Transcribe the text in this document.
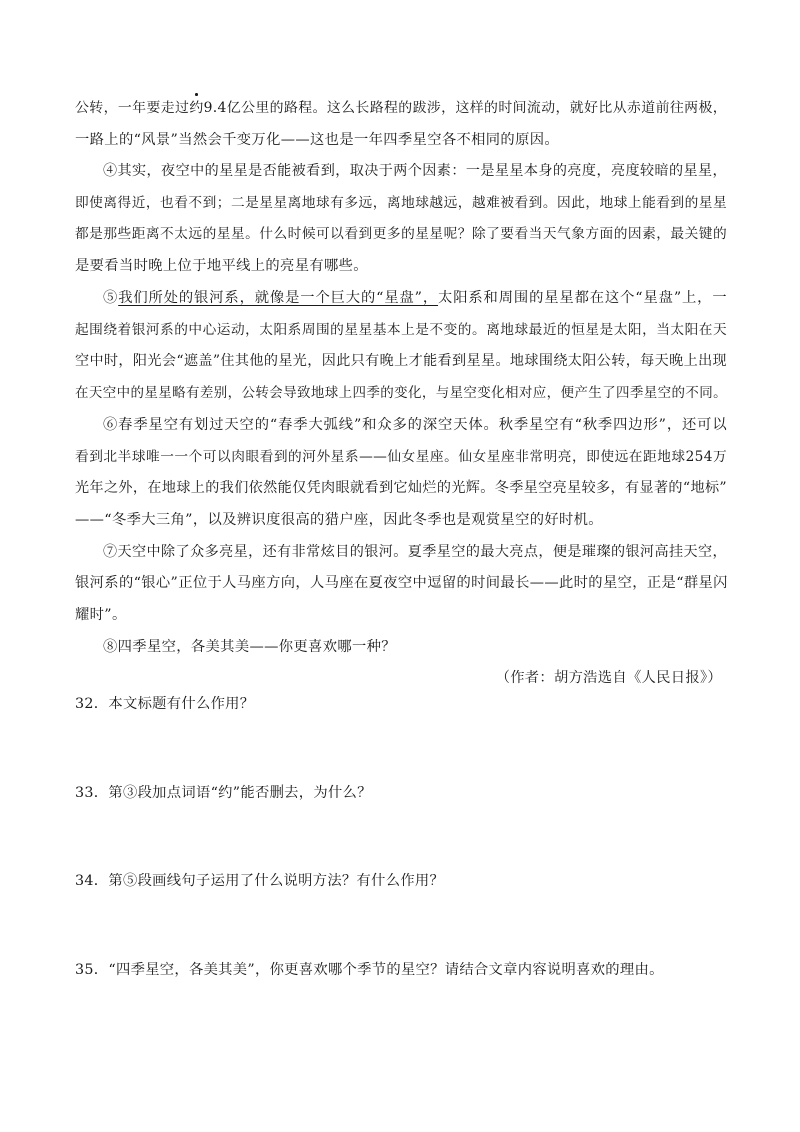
公转，一年要走过约9.4亿公里的路程。这么长路程的跋涉，这样的时间流动，就好比从赤道前往两极，
一路上的“风景”当然会千变万化——这也是一年四季星空各不相同的原因。
④其实，夜空中的星星是否能被看到，取决于两个因素：一是星星本身的亮度，亮度较暗的星星，
即使离得近，也看不到；二是星星离地球有多远，离地球越远，越难被看到。因此，地球上能看到的星星
都是那些距离不太远的星星。什么时候可以看到更多的星星呢？除了要看当天气象方面的因素，最关键的
是要看当时晚上位于地平线上的亮星有哪些。
⑤我们所处的银河系，就像是一个巨大的“星盘”，太阳系和周围的星星都在这个“星盘”上，一
起围绕着银河系的中心运动，太阳系周围的星星基本上是不变的。离地球最近的恒星是太阳，当太阳在天
空中时，阳光会“遮盖”住其他的星光，因此只有晚上才能看到星星。地球围绕太阳公转，每天晚上出现
在天空中的星星略有差别，公转会导致地球上四季的变化，与星空变化相对应，便产生了四季星空的不同。
⑥春季星空有划过天空的“春季大弧线”和众多的深空天体。秋季星空有“秋季四边形”，还可以
看到北半球唯一一个可以肉眼看到的河外星系——仙女星座。仙女星座非常明亮，即使远在距地球254万
光年之外，在地球上的我们依然能仅凭肉眼就看到它灿烂的光辉。冬季星空亮星较多，有显著的“地标”
——“冬季大三角”，以及辨识度很高的猎户座，因此冬季也是观赏星空的好时机。
⑦天空中除了众多亮星，还有非常炫目的银河。夏季星空的最大亮点，便是璀璨的银河高挂天空，
银河系的“银心”正位于人马座方向，人马座在夏夜空中逗留的时间最长——此时的星空，正是“群星闪
耀时”。
⑧四季星空，各美其美——你更喜欢哪一种？
（作者：胡方浩选自《人民日报》）
32．本文标题有什么作用？
33．第③段加点词语“约”能否删去，为什么？
34．第⑤段画线句子运用了什么说明方法？有什么作用？
35．“四季星空，各美其美”，你更喜欢哪个季节的星空？请结合文章内容说明喜欢的理由。
